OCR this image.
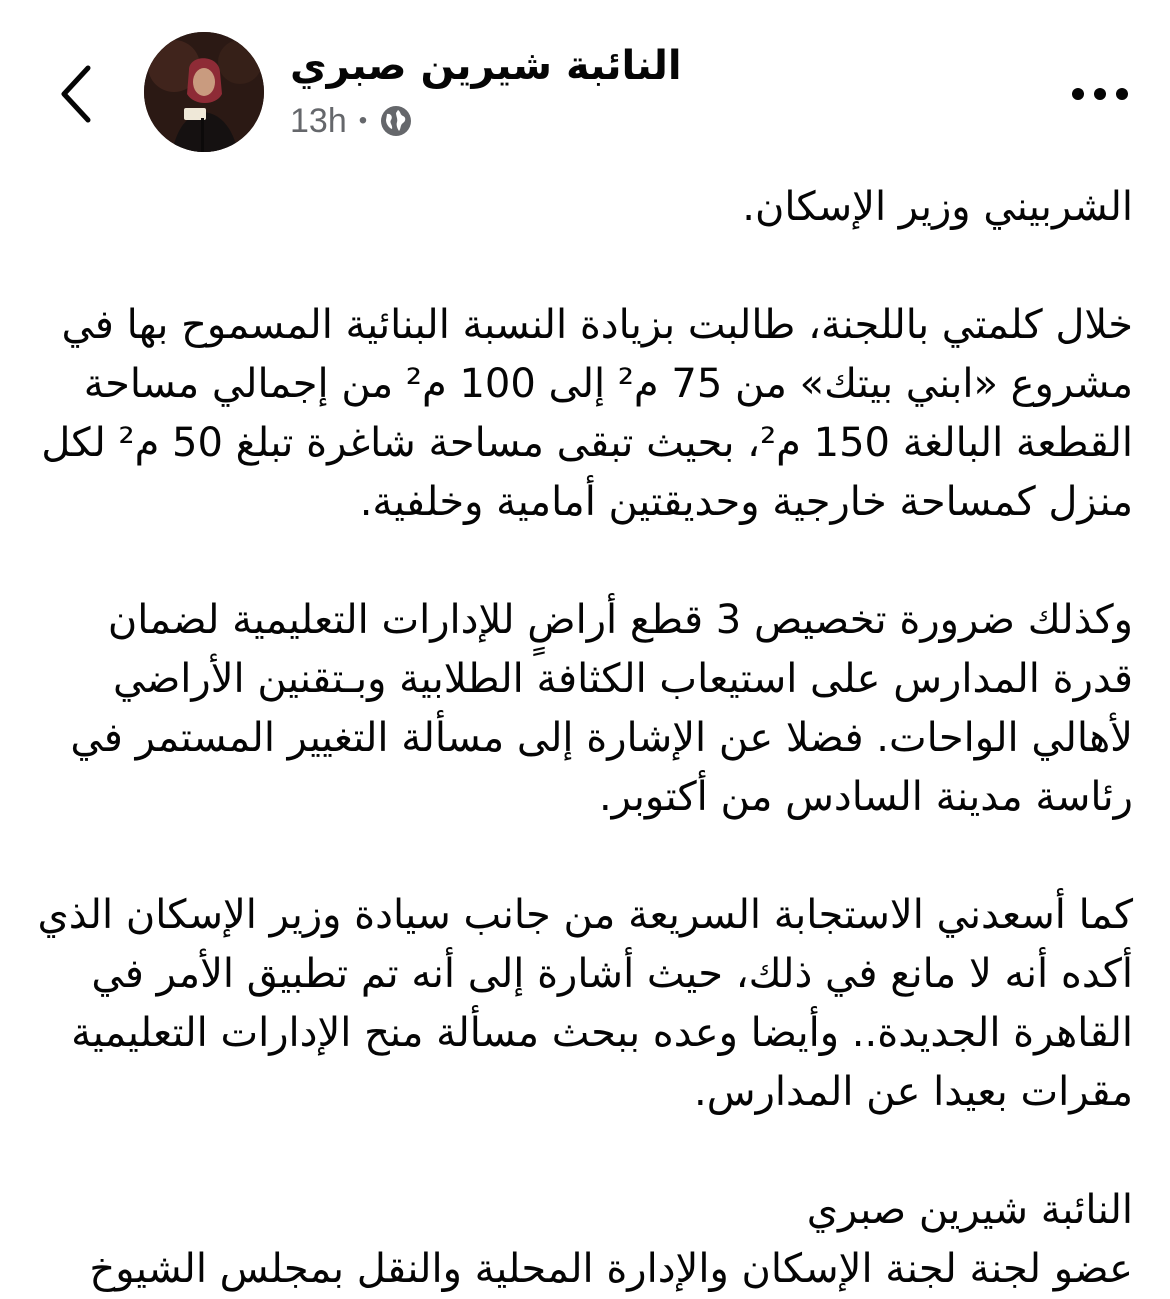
النائبة شيرين صبري
13h •

الشربيني وزير الإسكان.

خلال كلمتي باللجنة، طالبت بزيادة النسبة البنائية المسموح بها في مشروع «ابني بيتك» من 75 م² إلى 100 م² من إجمالي مساحة القطعة البالغة 150 م²، بحيث تبقى مساحة شاغرة تبلغ 50 م² لكل منزل كمساحة خارجية وحديقتين أمامية وخلفية.

وكذلك ضرورة تخصيص 3 قطع أراضٍ للإدارات التعليمية لضمان قدرة المدارس على استيعاب الكثافة الطلابية وبـتقنين الأراضي لأهالي الواحات. فضلا عن الإشارة إلى مسألة التغيير المستمر في رئاسة مدينة السادس من أكتوبر.

كما أسعدني الاستجابة السريعة من جانب سيادة وزير الإسكان الذي أكده أنه لا مانع في ذلك، حيث أشارة إلى أنه تم تطبيق الأمر في القاهرة الجديدة.. وأيضا وعده ببحث مسألة منح الإدارات التعليمية مقرات بعيدا عن المدارس.

النائبة شيرين صبري

عضو لجنة لجنة الإسكان والإدارة المحلية والنقل بمجلس الشيوخ
